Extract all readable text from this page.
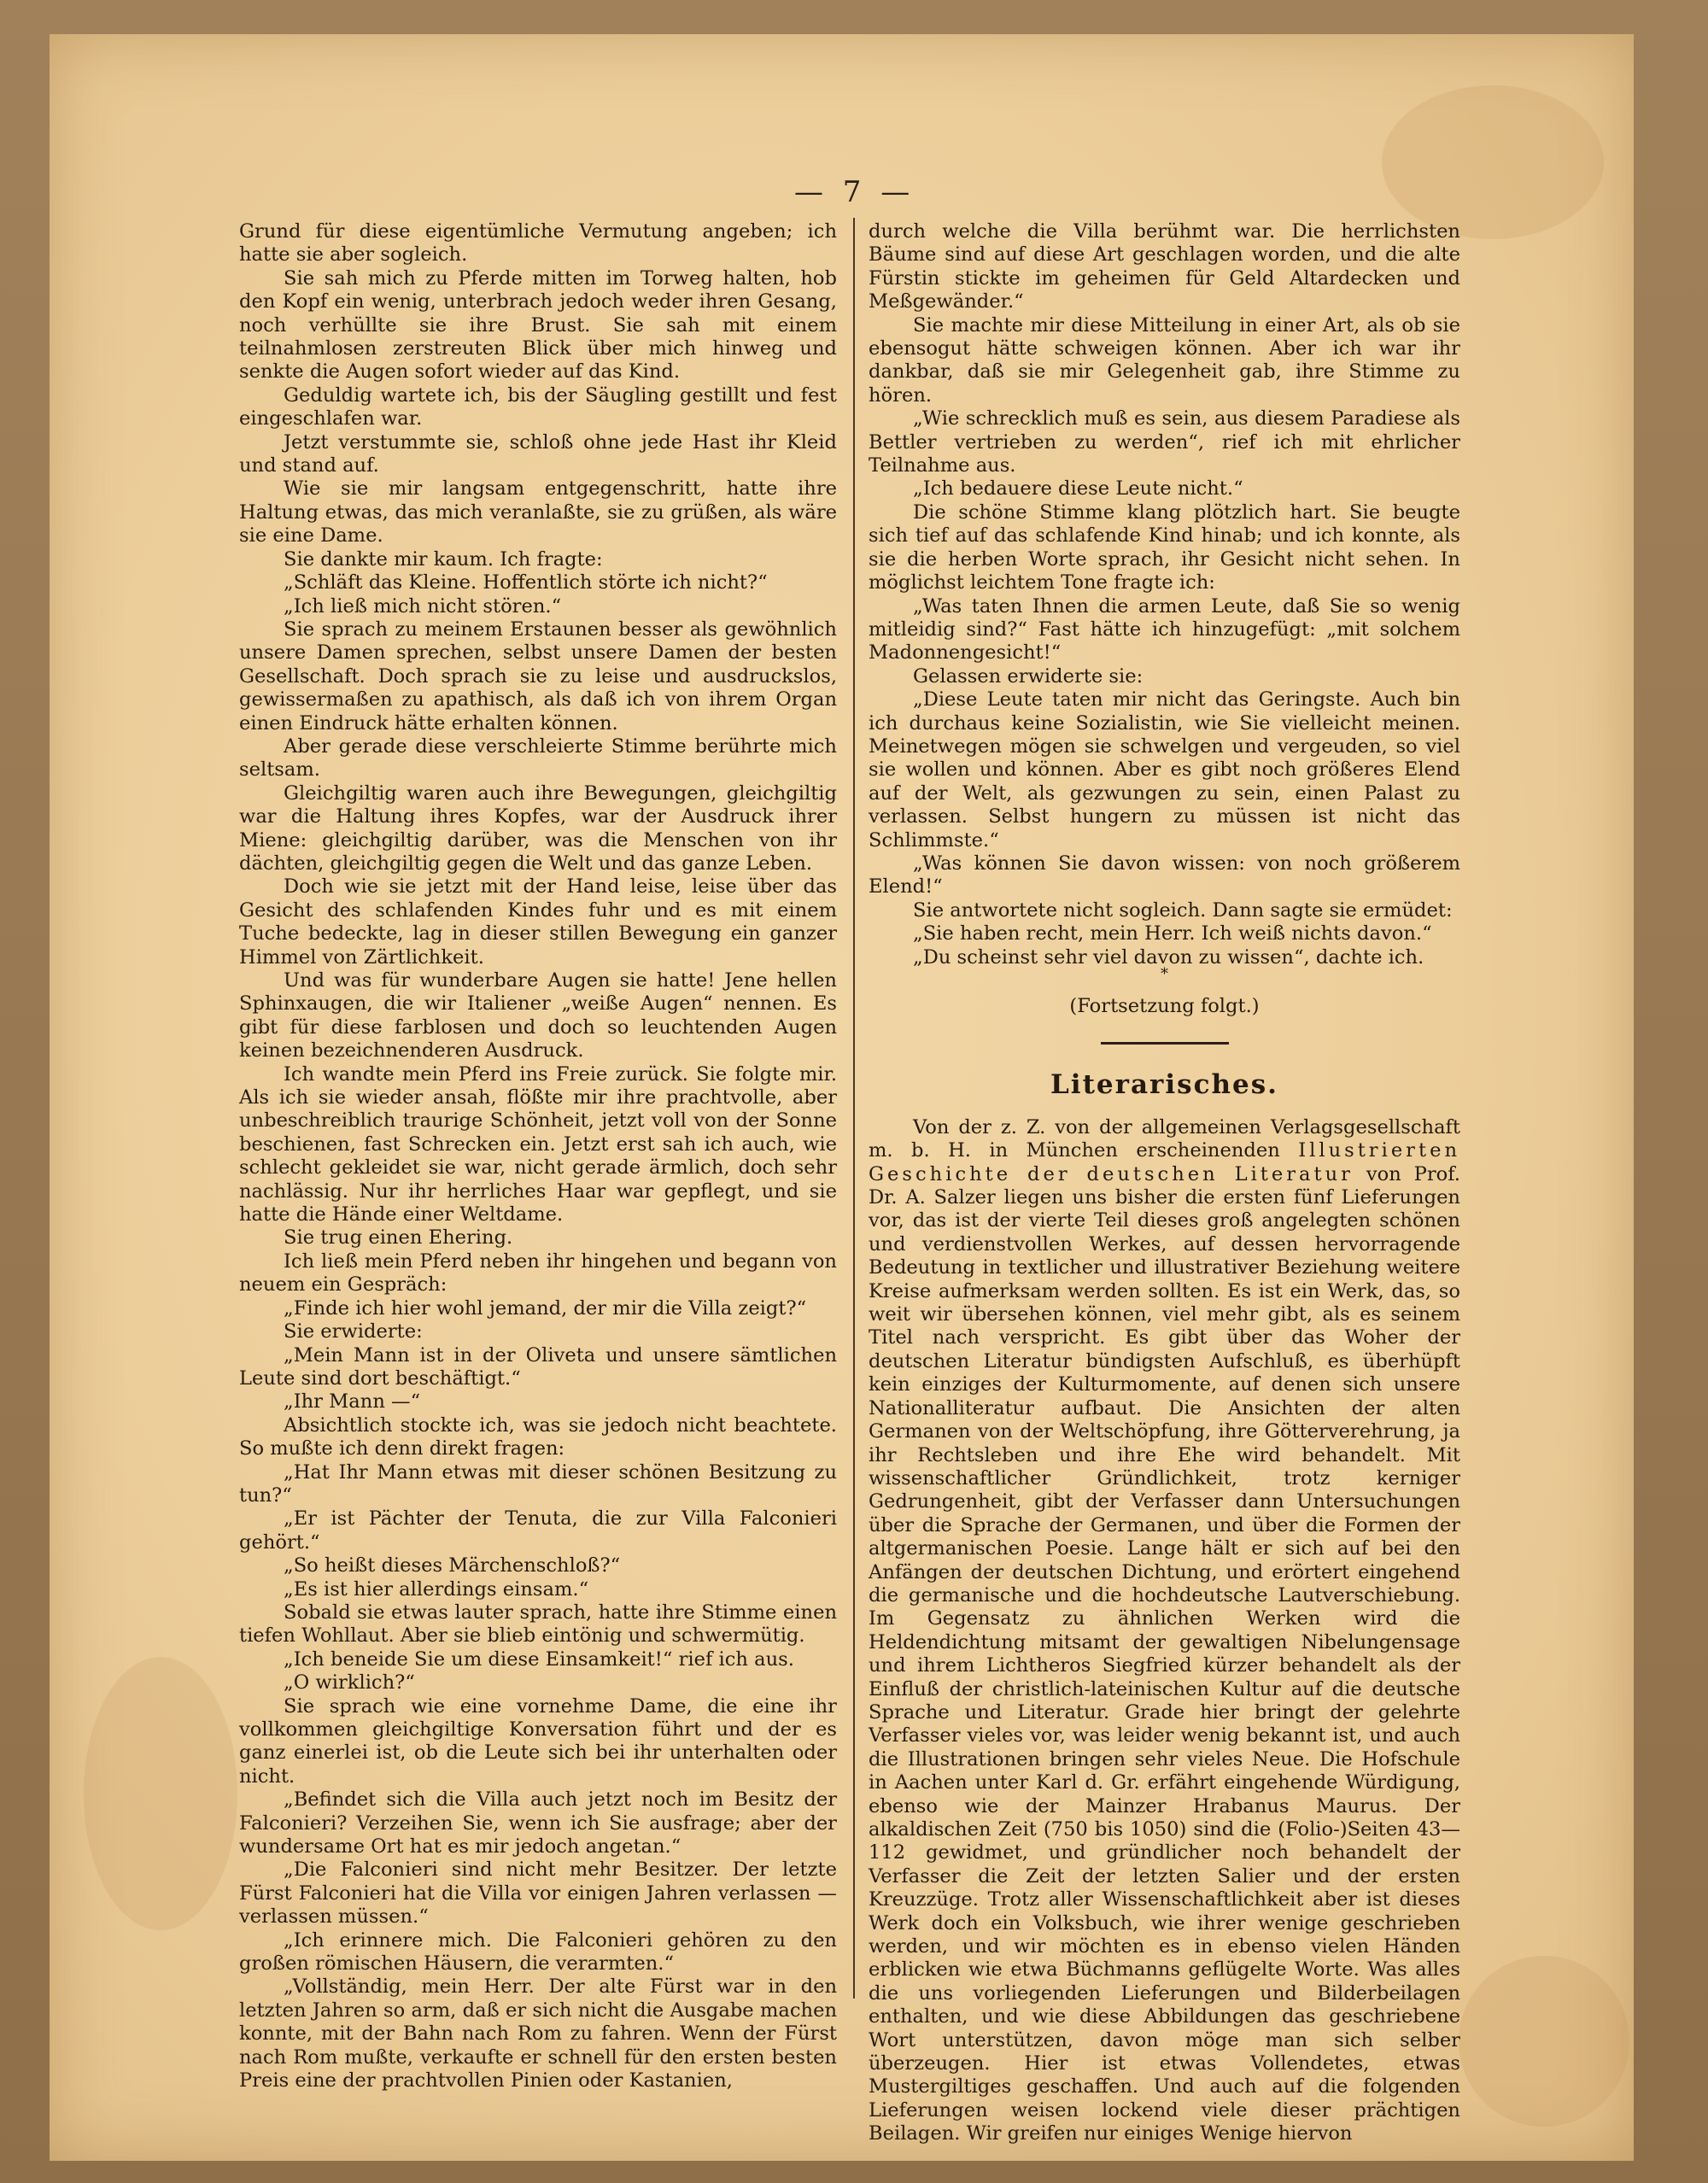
— 7 —

Grund für diese eigentümliche Vermutung angeben; ich hatte sie aber sogleich.

Sie sah mich zu Pferde mitten im Torweg halten, hob den Kopf ein wenig, unterbrach jedoch weder ihren Gesang, noch verhüllte sie ihre Brust. Sie sah mit einem teilnahmlosen zerstreuten Blick über mich hinweg und senkte die Augen sofort wieder auf das Kind.

Geduldig wartete ich, bis der Säugling gestillt und fest eingeschlafen war.

Jetzt verstummte sie, schloß ohne jede Hast ihr Kleid und stand auf.

Wie sie mir langsam entgegenschritt, hatte ihre Haltung etwas, das mich veranlaßte, sie zu grüßen, als wäre sie eine Dame.

Sie dankte mir kaum. Ich fragte:

„Schläft das Kleine. Hoffentlich störte ich nicht?“

„Ich ließ mich nicht stören.“

Sie sprach zu meinem Erstaunen besser als gewöhnlich unsere Damen sprechen, selbst unsere Damen der besten Gesellschaft. Doch sprach sie zu leise und ausdruckslos, gewissermaßen zu apathisch, als daß ich von ihrem Organ einen Eindruck hätte erhalten können.

Aber gerade diese verschleierte Stimme berührte mich seltsam.

Gleichgiltig waren auch ihre Bewegungen, gleichgiltig war die Haltung ihres Kopfes, war der Ausdruck ihrer Miene: gleichgiltig darüber, was die Menschen von ihr dächten, gleichgiltig gegen die Welt und das ganze Leben.

Doch wie sie jetzt mit der Hand leise, leise über das Gesicht des schlafenden Kindes fuhr und es mit einem Tuche bedeckte, lag in dieser stillen Bewegung ein ganzer Himmel von Zärtlichkeit.

Und was für wunderbare Augen sie hatte! Jene hellen Sphinxaugen, die wir Italiener „weiße Augen“ nennen. Es gibt für diese farblosen und doch so leuchtenden Augen keinen bezeichnenderen Ausdruck.

Ich wandte mein Pferd ins Freie zurück. Sie folgte mir. Als ich sie wieder ansah, flößte mir ihre prachtvolle, aber unbeschreiblich traurige Schönheit, jetzt voll von der Sonne beschienen, fast Schrecken ein. Jetzt erst sah ich auch, wie schlecht gekleidet sie war, nicht gerade ärmlich, doch sehr nachlässig. Nur ihr herrliches Haar war gepflegt, und sie hatte die Hände einer Weltdame.

Sie trug einen Ehering.

Ich ließ mein Pferd neben ihr hingehen und begann von neuem ein Gespräch:

„Finde ich hier wohl jemand, der mir die Villa zeigt?“

Sie erwiderte:

„Mein Mann ist in der Oliveta und unsere sämtlichen Leute sind dort beschäftigt.“

„Ihr Mann —“

Absichtlich stockte ich, was sie jedoch nicht beachtete. So mußte ich denn direkt fragen:

„Hat Ihr Mann etwas mit dieser schönen Besitzung zu tun?“

„Er ist Pächter der Tenuta, die zur Villa Falconieri gehört.“

„So heißt dieses Märchenschloß?“

„Es ist hier allerdings einsam.“

Sobald sie etwas lauter sprach, hatte ihre Stimme einen tiefen Wohllaut. Aber sie blieb eintönig und schwermütig.

„Ich beneide Sie um diese Einsamkeit!“ rief ich aus.

„O wirklich?“

Sie sprach wie eine vornehme Dame, die eine ihr vollkommen gleichgiltige Konversation führt und der es ganz einerlei ist, ob die Leute sich bei ihr unterhalten oder nicht.

„Befindet sich die Villa auch jetzt noch im Besitz der Falconieri? Verzeihen Sie, wenn ich Sie ausfrage; aber der wundersame Ort hat es mir jedoch angetan.“

„Die Falconieri sind nicht mehr Besitzer. Der letzte Fürst Falconieri hat die Villa vor einigen Jahren verlassen — verlassen müssen.“

„Ich erinnere mich. Die Falconieri gehören zu den großen römischen Häusern, die verarmten.“

„Vollständig, mein Herr. Der alte Fürst war in den letzten Jahren so arm, daß er sich nicht die Ausgabe machen konnte, mit der Bahn nach Rom zu fahren. Wenn der Fürst nach Rom mußte, verkaufte er schnell für den ersten besten Preis eine der prachtvollen Pinien oder Kastanien,

durch welche die Villa berühmt war. Die herrlichsten Bäume sind auf diese Art geschlagen worden, und die alte Fürstin stickte im geheimen für Geld Altardecken und Meßgewänder.“

Sie machte mir diese Mitteilung in einer Art, als ob sie ebensogut hätte schweigen können. Aber ich war ihr dankbar, daß sie mir Gelegenheit gab, ihre Stimme zu hören.

„Wie schrecklich muß es sein, aus diesem Paradiese als Bettler vertrieben zu werden“, rief ich mit ehrlicher Teilnahme aus.

„Ich bedauere diese Leute nicht.“

Die schöne Stimme klang plötzlich hart. Sie beugte sich tief auf das schlafende Kind hinab; und ich konnte, als sie die herben Worte sprach, ihr Gesicht nicht sehen. In möglichst leichtem Tone fragte ich:

„Was taten Ihnen die armen Leute, daß Sie so wenig mitleidig sind?“ Fast hätte ich hinzugefügt: „mit solchem Madonnengesicht!“

Gelassen erwiderte sie:

„Diese Leute taten mir nicht das Geringste. Auch bin ich durchaus keine Sozialistin, wie Sie vielleicht meinen. Meinetwegen mögen sie schwelgen und vergeuden, so viel sie wollen und können. Aber es gibt noch größeres Elend auf der Welt, als gezwungen zu sein, einen Palast zu verlassen. Selbst hungern zu müssen ist nicht das Schlimmste.“

„Was können Sie davon wissen: von noch größerem Elend!“

Sie antwortete nicht sogleich. Dann sagte sie ermüdet:

„Sie haben recht, mein Herr. Ich weiß nichts davon.“

„Du scheinst sehr viel davon zu wissen“, dachte ich.

*

(Fortsetzung folgt.)

Literarisches.

Von der z. Z. von der allgemeinen Verlagsgesellschaft m. b. H. in München erscheinenden Illustrierten Geschichte der deutschen Literatur von Prof. Dr. A. Salzer liegen uns bisher die ersten fünf Lieferungen vor, das ist der vierte Teil dieses groß angelegten schönen und verdienstvollen Werkes, auf dessen hervorragende Bedeutung in textlicher und illustrativer Beziehung weitere Kreise aufmerksam werden sollten. Es ist ein Werk, das, so weit wir übersehen können, viel mehr gibt, als es seinem Titel nach verspricht. Es gibt über das Woher der deutschen Literatur bündigsten Aufschluß, es überhüpft kein einziges der Kulturmomente, auf denen sich unsere Nationalliteratur aufbaut. Die Ansichten der alten Germanen von der Weltschöpfung, ihre Götterverehrung, ja ihr Rechtsleben und ihre Ehe wird behandelt. Mit wissenschaftlicher Gründlichkeit, trotz kerniger Gedrungenheit, gibt der Verfasser dann Untersuchungen über die Sprache der Germanen, und über die Formen der altgermanischen Poesie. Lange hält er sich auf bei den Anfängen der deutschen Dichtung, und erörtert eingehend die germanische und die hochdeutsche Lautverschiebung. Im Gegensatz zu ähnlichen Werken wird die Heldendichtung mitsamt der gewaltigen Nibelungensage und ihrem Lichtheros Siegfried kürzer behandelt als der Einfluß der christlich-lateinischen Kultur auf die deutsche Sprache und Literatur. Grade hier bringt der gelehrte Verfasser vieles vor, was leider wenig bekannt ist, und auch die Illustrationen bringen sehr vieles Neue. Die Hofschule in Aachen unter Karl d. Gr. erfährt eingehende Würdigung, ebenso wie der Mainzer Hrabanus Maurus. Der alkaldischen Zeit (750 bis 1050) sind die (Folio-)Seiten 43—112 gewidmet, und gründlicher noch behandelt der Verfasser die Zeit der letzten Salier und der ersten Kreuzzüge. Trotz aller Wissenschaftlichkeit aber ist dieses Werk doch ein Volksbuch, wie ihrer wenige geschrieben werden, und wir möchten es in ebenso vielen Händen erblicken wie etwa Büchmanns geflügelte Worte. Was alles die uns vorliegenden Lieferungen und Bilderbeilagen enthalten, und wie diese Abbildungen das geschriebene Wort unterstützen, davon möge man sich selber überzeugen. Hier ist etwas Vollendetes, etwas Mustergiltiges geschaffen. Und auch auf die folgenden Lieferungen weisen lockend viele dieser prächtigen Beilagen. Wir greifen nur einiges Wenige hiervon
